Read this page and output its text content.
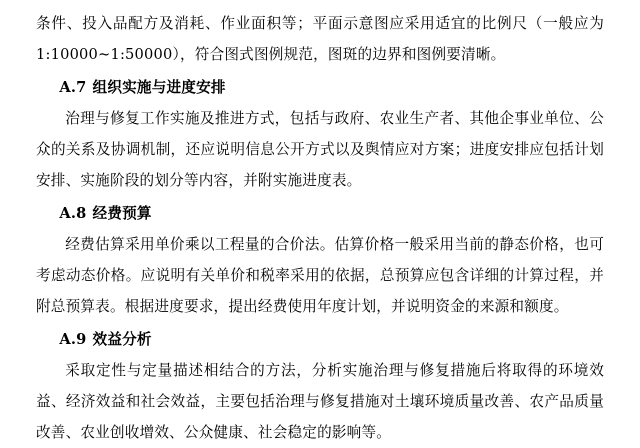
条件、投入品配方及消耗、作业面积等；平面示意图应采用适宜的比例尺（一般应为1:10000~1:50000），符合图式图例规范，图斑的边界和图例要清晰。

A.7 组织实施与进度安排

治理与修复工作实施及推进方式，包括与政府、农业生产者、其他企事业单位、公众的关系及协调机制，还应说明信息公开方式以及舆情应对方案；进度安排应包括计划安排、实施阶段的划分等内容，并附实施进度表。

A.8 经费预算

经费估算采用单价乘以工程量的合价法。估算价格一般采用当前的静态价格，也可考虑动态价格。应说明有关单价和税率采用的依据，总预算应包含详细的计算过程，并附总预算表。根据进度要求，提出经费使用年度计划，并说明资金的来源和额度。

A.9 效益分析

采取定性与定量描述相结合的方法，分析实施治理与修复措施后将取得的环境效益、经济效益和社会效益，主要包括治理与修复措施对土壤环境质量改善、农产品质量改善、农业创收增效、公众健康、社会稳定的影响等。
